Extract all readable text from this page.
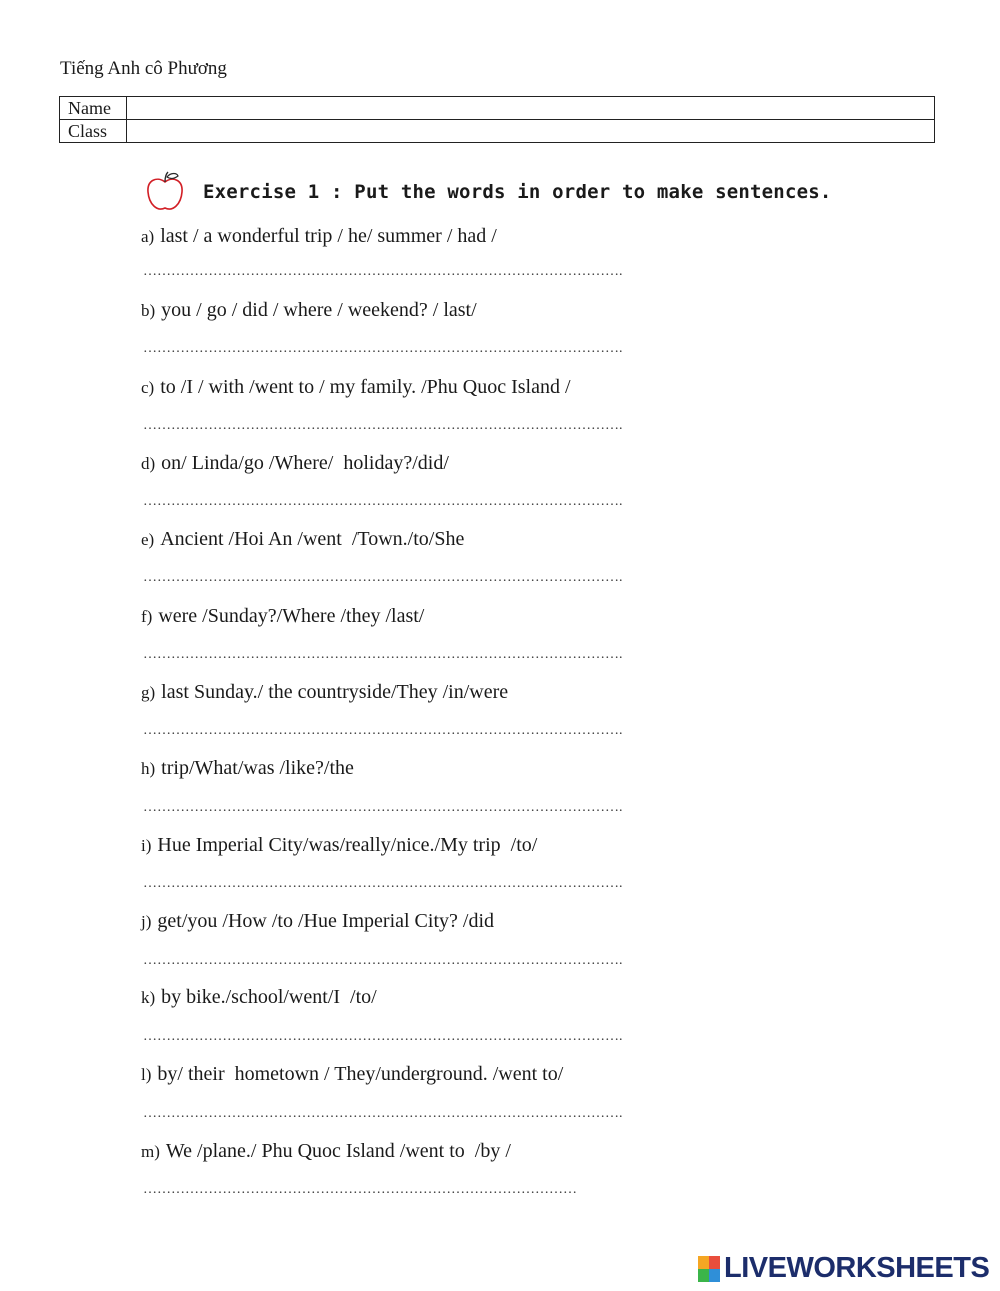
Tiếng Anh cô Phương
Name	
Class	
Exercise 1 : Put the words in order to make sentences.
a) last / a wonderful trip / he/ summer / had /
………………………………………………………………………………………….
b) you / go / did / where / weekend? / last/
………………………………………………………………………………………….
c) to /I / with /went to / my family. /Phu Quoc Island /
………………………………………………………………………………………….
d) on/ Linda/go /Where/  holiday?/did/
………………………………………………………………………………………….
e) Ancient /Hoi An /went  /Town./to/She
………………………………………………………………………………………….
f) were /Sunday?/Where /they /last/
………………………………………………………………………………………….
g) last Sunday./ the countryside/They /in/were
………………………………………………………………………………………….
h) trip/What/was /like?/the
………………………………………………………………………………………….
i) Hue Imperial City/was/really/nice./My trip  /to/
………………………………………………………………………………………….
j) get/you /How /to /Hue Imperial City? /did
………………………………………………………………………………………….
k) by bike./school/went/I  /to/
………………………………………………………………………………………….
l) by/ their  hometown / They/underground. /went to/
………………………………………………………………………………………….
m) We /plane./ Phu Quoc Island /went to  /by /
…………………………………………………………………………………
LIVEWORKSHEETS
